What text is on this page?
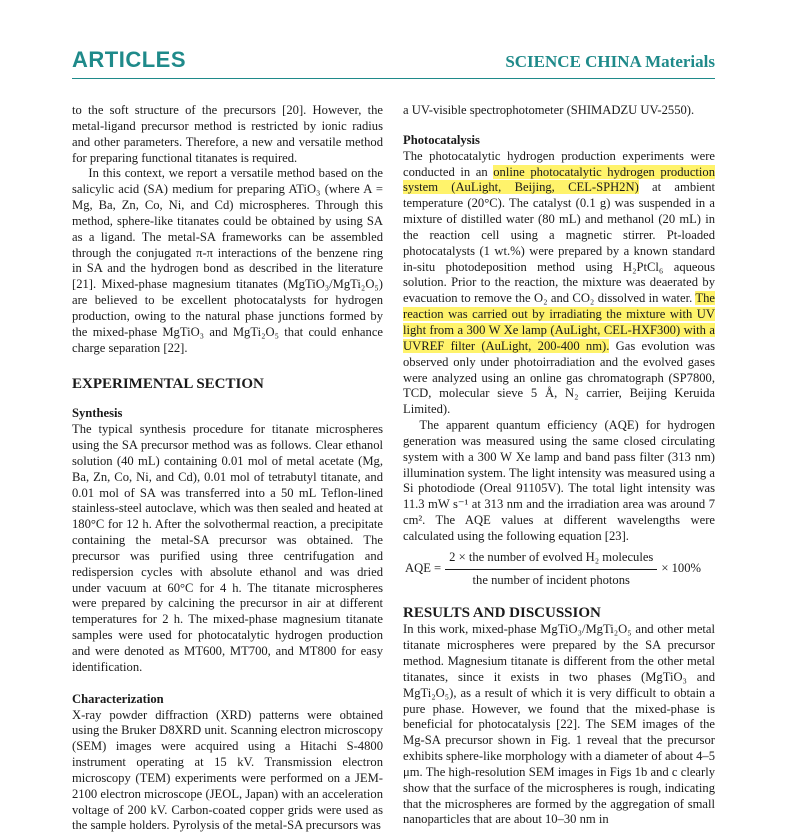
ARTICLES	SCIENCE CHINA Materials

to the soft structure of the precursors [20]. However, the metal-ligand precursor method is restricted by ionic radius and other parameters. Therefore, a new and versatile method for preparing functional titanates is required.

In this context, we report a versatile method based on the salicylic acid (SA) medium for preparing ATiO₃ (where A = Mg, Ba, Zn, Co, Ni, and Cd) microspheres. Through this method, sphere-like titanates could be obtained by using SA as a ligand. The metal-SA frameworks can be assembled through the conjugated π-π interactions of the benzene ring in SA and the hydrogen bond as described in the literature [21]. Mixed-phase magnesium titanates (MgTiO₃/MgTi₂O₅) are believed to be excellent photocatalysts for hydrogen production, owing to the natural phase junctions formed by the mixed-phase MgTiO₃ and MgTi₂O₅ that could enhance charge separation [22].

EXPERIMENTAL SECTION
Synthesis

The typical synthesis procedure for titanate microspheres using the SA precursor method was as follows. Clear ethanol solution (40 mL) containing 0.01 mol of metal acetate (Mg, Ba, Zn, Co, Ni, and Cd), 0.01 mol of tetrabutyl titanate, and 0.01 mol of SA was transferred into a 50 mL Teflon-lined stainless-steel autoclave, which was then sealed and heated at 180°C for 12 h. After the solvothermal reaction, a precipitate containing the metal-SA precursor was obtained. The precursor was purified using three centrifugation and redispersion cycles with absolute ethanol and was dried under vacuum at 60°C for 4 h. The titanate microspheres were prepared by calcining the precursor in air at different temperatures for 2 h. The mixed-phase magnesium titanate samples were used for photocatalytic hydrogen production and were denoted as MT600, MT700, and MT800 for easy identification.

Characterization

X-ray powder diffraction (XRD) patterns were obtained using the Bruker D8XRD unit. Scanning electron microscopy (SEM) images were acquired using a Hitachi S-4800 instrument operating at 15 kV. Transmission electron microscopy (TEM) experiments were performed on a JEM-2100 electron microscope (JEOL, Japan) with an acceleration voltage of 200 kV. Carbon-coated copper grids were used as the sample holders. Pyrolysis of the metal-SA precursors was

a UV-visible spectrophotometer (SHIMADZU UV-2550).

Photocatalysis

The photocatalytic hydrogen production experiments were conducted in an online photocatalytic hydrogen production system (AuLight, Beijing, CEL-SPH2N) at ambient temperature (20°C). The catalyst (0.1 g) was suspended in a mixture of distilled water (80 mL) and methanol (20 mL) in the reaction cell using a magnetic stirrer. Pt-loaded photocatalysts (1 wt.%) were prepared by a known standard in-situ photodeposition method using H₂PtCl₆ aqueous solution. Prior to the reaction, the mixture was deaerated by evacuation to remove the O₂ and CO₂ dissolved in water. The reaction was carried out by irradiating the mixture with UV light from a 300 W Xe lamp (AuLight, CEL-HXF300) with a UVREF filter (AuLight, 200-400 nm). Gas evolution was observed only under photoirradiation and the evolved gases were analyzed using an online gas chromatograph (SP7800, TCD, molecular sieve 5 Å, N₂ carrier, Beijing Keruida Limited).

The apparent quantum efficiency (AQE) for hydrogen generation was measured using the same closed circulating system with a 300 W Xe lamp and band pass filter (313 nm) illumination system. The light intensity was measured using a Si photodiode (Oreal 91105V). The total light intensity was 11.3 mW s⁻¹ at 313 nm and the irradiation area was around 7 cm². The AQE values at different wavelengths were calculated using the following equation [23].

AQE = $\frac{\text{2 × the number of evolved H₂ molecules}}{\text{the number of incident photons}} \times 100\%$
RESULTS AND DISCUSSION

In this work, mixed-phase MgTiO₃/MgTi₂O₅ and other metal titanate microspheres were prepared by the SA precursor method. Magnesium titanate is different from the other metal titanates, since it exists in two phases (MgTiO₃ and MgTi₂O₅), as a result of which it is very difficult to obtain a pure phase. However, we found that the mixed-phase is beneficial for photocatalysis [22]. The SEM images of the Mg-SA precursor shown in Fig. 1 reveal that the precursor exhibits sphere-like morphology with a diameter of about 4–5 μm. The high-resolution SEM images in Figs 1b and c clearly show that the surface of the microspheres is rough, indicating that the microspheres are formed by the aggregation of small nanoparticles that are about 10–30 nm in
